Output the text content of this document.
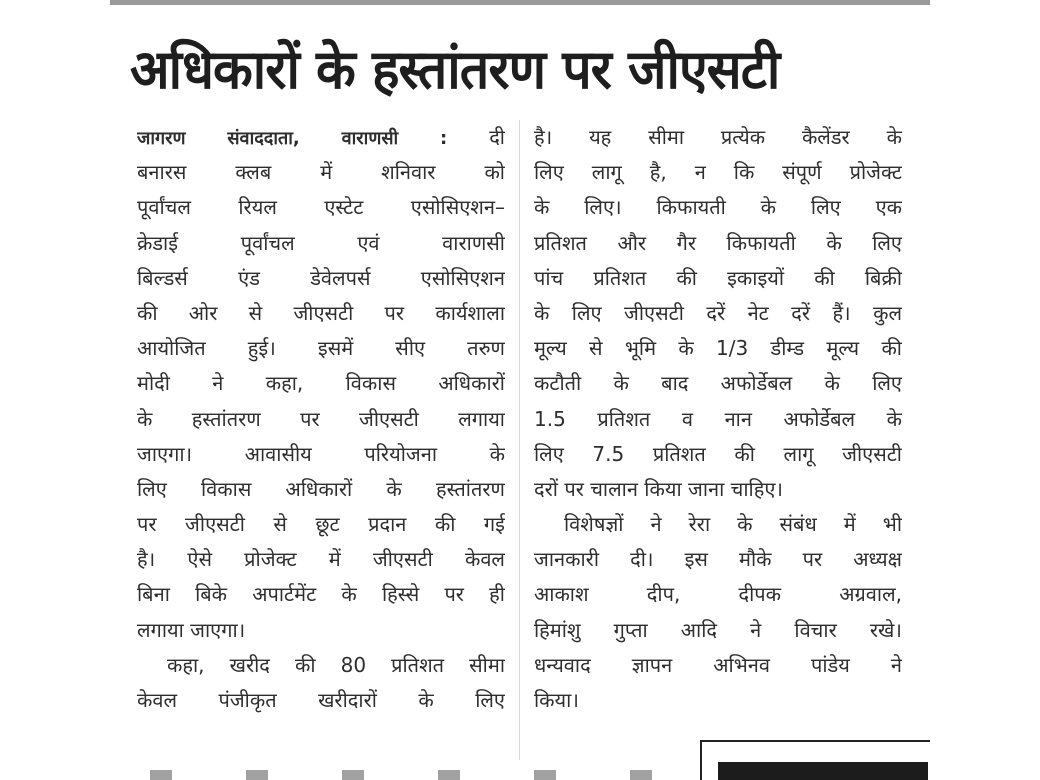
अधिकारों के हस्तांतरण पर जीएसटी
जागरण संवाददाता, वाराणसी : दी
बनारस क्लब में शनिवार को
पूर्वांचल रियल एस्टेट एसोसिएशन–
क्रेडाई पूर्वांचल एवं वाराणसी
बिल्डर्स एंड डेवेलपर्स एसोसिएशन
की ओर से जीएसटी पर कार्यशाला
आयोजित हुई। इसमें सीए तरुण
मोदी ने कहा, विकास अधिकारों
के हस्तांतरण पर जीएसटी लगाया
जाएगा। आवासीय परियोजना के
लिए विकास अधिकारों के हस्तांतरण
पर जीएसटी से छूट प्रदान की गई
है। ऐसे प्रोजेक्ट में जीएसटी केवल
बिना बिके अपार्टमेंट के हिस्से पर ही
लगाया जाएगा।
कहा, खरीद की 80 प्रतिशत सीमा
केवल पंजीकृत खरीदारों के लिए
है। यह सीमा प्रत्येक कैलेंडर के
लिए लागू है, न कि संपूर्ण प्रोजेक्ट
के लिए। किफायती के लिए एक
प्रतिशत और गैर किफायती के लिए
पांच प्रतिशत की इकाइयों की बिक्री
के लिए जीएसटी दरें नेट दरें हैं। कुल
मूल्य से भूमि के 1/3 डीम्ड मूल्य की
कटौती के बाद अफोर्डेबल के लिए
1.5 प्रतिशत व नान अफोर्डेबल के
लिए 7.5 प्रतिशत की लागू जीएसटी
दरों पर चालान किया जाना चाहिए।
विशेषज्ञों ने रेरा के संबंध में भी
जानकारी दी। इस मौके पर अध्यक्ष
आकाश दीप, दीपक अग्रवाल,
हिमांशु गुप्ता आदि ने विचार रखे।
धन्यवाद ज्ञापन अभिनव पांडेय ने
किया।
